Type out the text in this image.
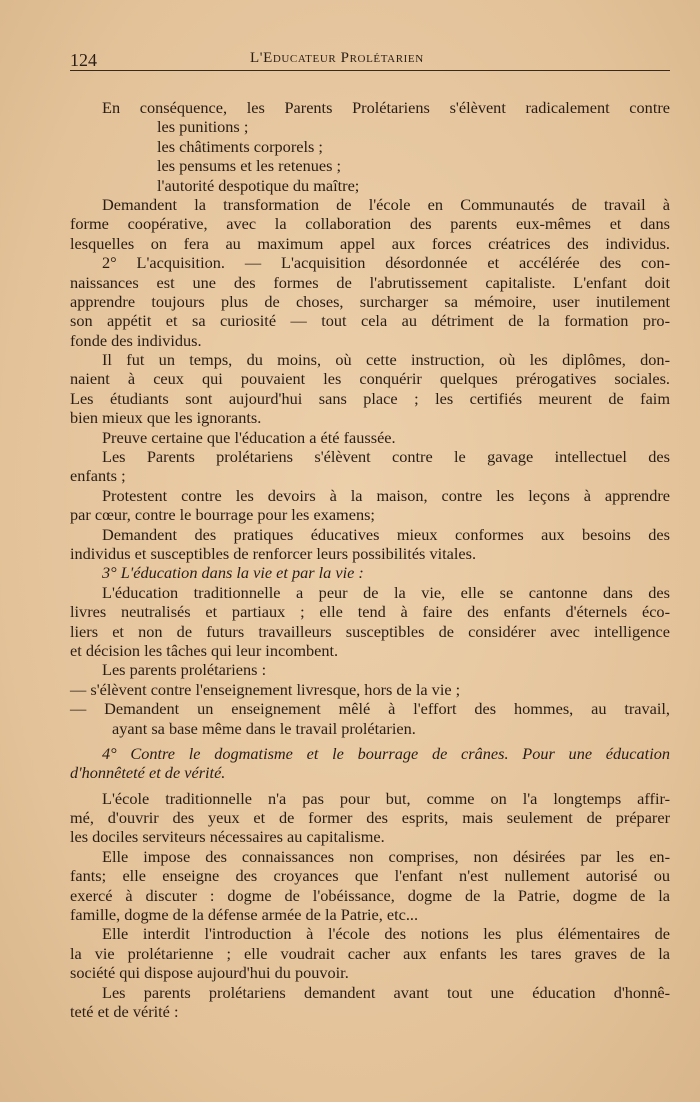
124	L'Educateur Prolétarien
En conséquence, les Parents Prolétariens s'élèvent radicalement contre
les punitions ;
les châtiments corporels ;
les pensums et les retenues ;
l'autorité despotique du maître;
Demandent la transformation de l'école en Communautés de travail à
forme coopérative, avec la collaboration des parents eux-mêmes et dans
lesquelles on fera au maximum appel aux forces créatrices des individus.
2° L'acquisition. — L'acquisition désordonnée et accélérée des con-
naissances est une des formes de l'abrutissement capitaliste. L'enfant doit
apprendre toujours plus de choses, surcharger sa mémoire, user inutilement
son appétit et sa curiosité — tout cela au détriment de la formation pro-
fonde des individus.
Il fut un temps, du moins, où cette instruction, où les diplômes, don-
naient à ceux qui pouvaient les conquérir quelques prérogatives sociales.
Les étudiants sont aujourd'hui sans place ; les certifiés meurent de faim
bien mieux que les ignorants.
Preuve certaine que l'éducation a été faussée.
Les Parents prolétariens s'élèvent contre le gavage intellectuel des
enfants ;
Protestent contre les devoirs à la maison, contre les leçons à apprendre
par cœur, contre le bourrage pour les examens;
Demandent des pratiques éducatives mieux conformes aux besoins des
individus et susceptibles de renforcer leurs possibilités vitales.
3° L'éducation dans la vie et par la vie :
L'éducation traditionnelle a peur de la vie, elle se cantonne dans des
livres neutralisés et partiaux ; elle tend à faire des enfants d'éternels éco-
liers et non de futurs travailleurs susceptibles de considérer avec intelligence
et décision les tâches qui leur incombent.
Les parents prolétariens :
— s'élèvent contre l'enseignement livresque, hors de la vie ;
— Demandent un enseignement mêlé à l'effort des hommes, au travail,
ayant sa base même dans le travail prolétarien.
4° Contre le dogmatisme et le bourrage de crânes. Pour une éducation
d'honnêteté et de vérité.
L'école traditionnelle n'a pas pour but, comme on l'a longtemps affir-
mé, d'ouvrir des yeux et de former des esprits, mais seulement de préparer
les dociles serviteurs nécessaires au capitalisme.
Elle impose des connaissances non comprises, non désirées par les en-
fants; elle enseigne des croyances que l'enfant n'est nullement autorisé ou
exercé à discuter : dogme de l'obéissance, dogme de la Patrie, dogme de la
famille, dogme de la défense armée de la Patrie, etc...
Elle interdit l'introduction à l'école des notions les plus élémentaires de
la vie prolétarienne ; elle voudrait cacher aux enfants les tares graves de la
société qui dispose aujourd'hui du pouvoir.
Les parents prolétariens demandent avant tout une éducation d'honnê-
teté et de vérité :
